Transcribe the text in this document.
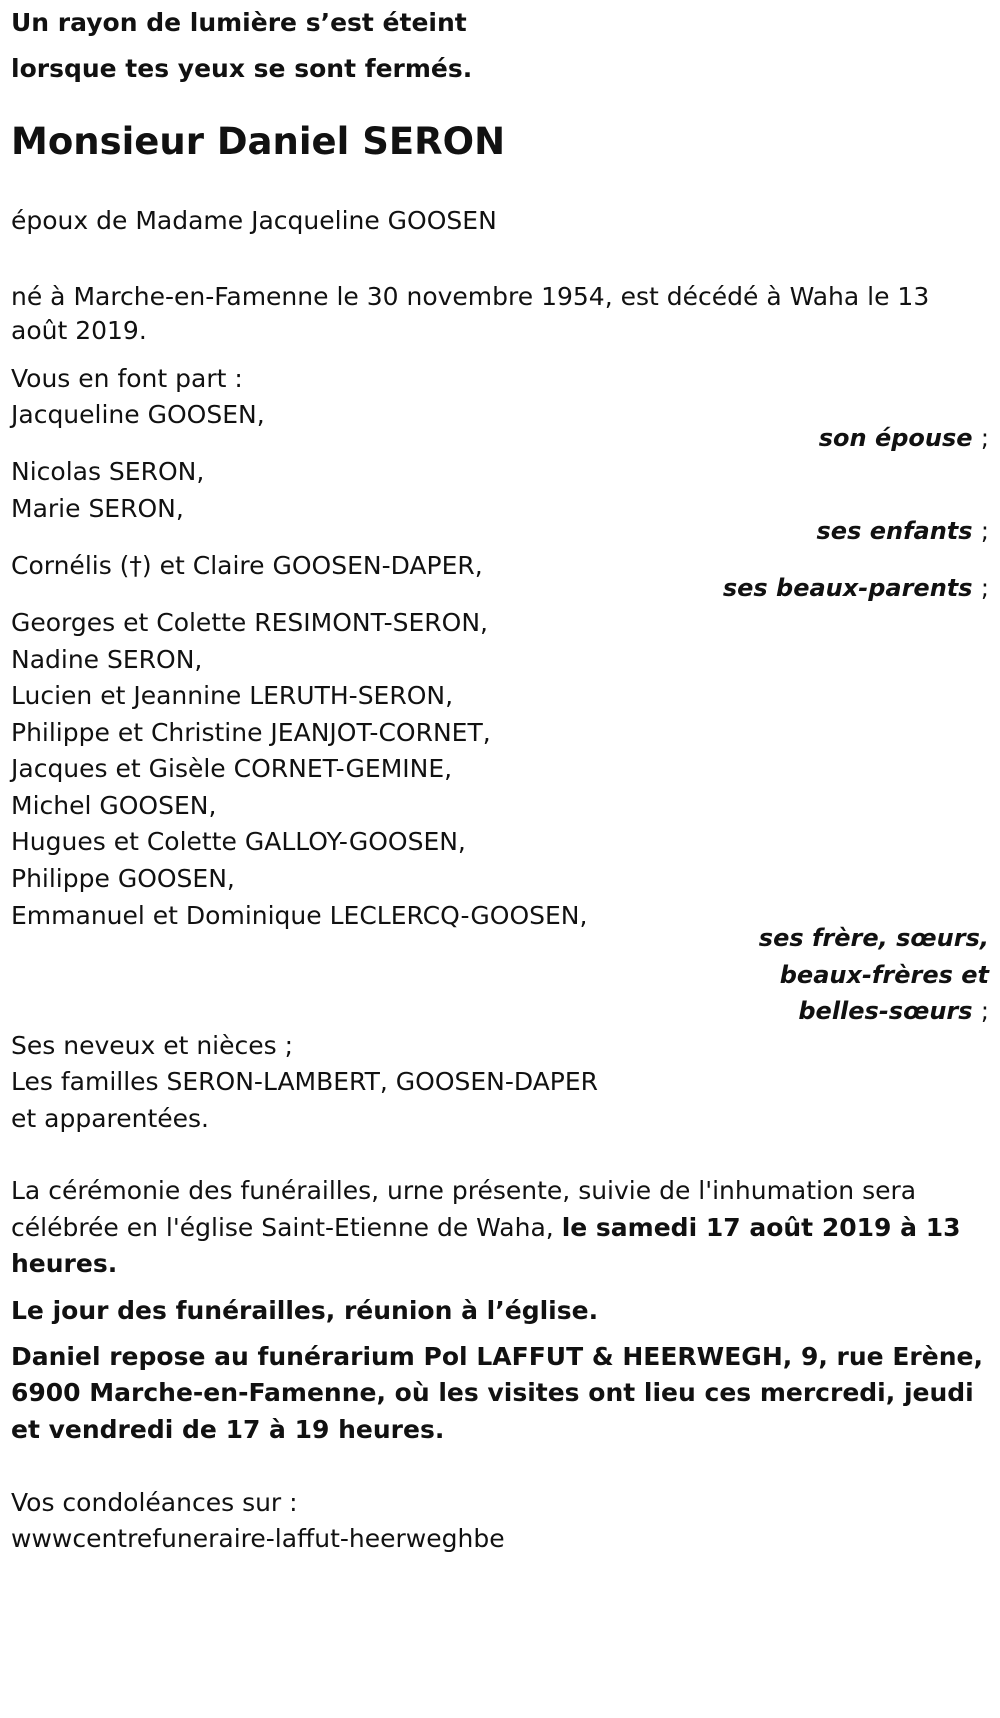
Un rayon de lumière s’est éteint
lorsque tes yeux se sont fermés.
Monsieur Daniel SERON
époux de Madame Jacqueline GOOSEN
né à Marche-en-Famenne le 30 novembre 1954, est décédé à Waha le 13
août 2019.
Vous en font part :
Jacqueline GOOSEN,
son épouse ;
Nicolas SERON,
Marie SERON,
ses enfants ;
Cornélis (†) et Claire GOOSEN-DAPER,
ses beaux-parents ;
Georges et Colette RESIMONT-SERON,
Nadine SERON,
Lucien et Jeannine LERUTH-SERON,
Philippe et Christine JEANJOT-CORNET,
Jacques et Gisèle CORNET-GEMINE,
Michel GOOSEN,
Hugues et Colette GALLOY-GOOSEN,
Philippe GOOSEN,
Emmanuel et Dominique LECLERCQ-GOOSEN,
ses frère, sœurs,
beaux-frères et
belles-sœurs ;
Ses neveux et nièces ;
Les familles SERON-LAMBERT, GOOSEN-DAPER
et apparentées.
La cérémonie des funérailles, urne présente, suivie de l'inhumation sera
célébrée en l'église Saint-Etienne de Waha, le samedi 17 août 2019 à 13
heures.
Le jour des funérailles, réunion à l’église.
Daniel repose au funérarium Pol LAFFUT & HEERWEGH, 9, rue Erène,
6900 Marche-en-Famenne, où les visites ont lieu ces mercredi, jeudi
et vendredi de 17 à 19 heures.
Vos condoléances sur :
wwwcentrefuneraire-laffut-heerweghbe
